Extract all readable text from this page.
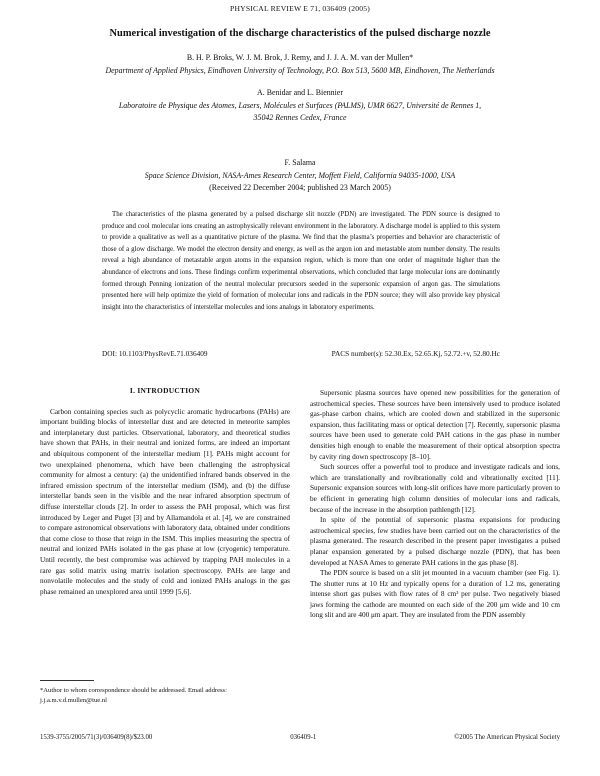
PHYSICAL REVIEW E 71, 036409 (2005)
Numerical investigation of the discharge characteristics of the pulsed discharge nozzle
B. H. P. Broks, W. J. M. Brok, J. Remy, and J. J. A. M. van der Mullen*
Department of Applied Physics, Eindhoven University of Technology, P.O. Box 513, 5600 MB, Eindhoven, The Netherlands
A. Benidar and L. Biennier
Laboratoire de Physique des Atomes, Lasers, Molécules et Surfaces (PALMS), UMR 6627, Université de Rennes 1,
35042 Rennes Cedex, France
F. Salama
Space Science Division, NASA-Ames Research Center, Moffett Field, California 94035-1000, USA
(Received 22 December 2004; published 23 March 2005)
The characteristics of the plasma generated by a pulsed discharge slit nozzle (PDN) are investigated. The PDN source is designed to produce and cool molecular ions creating an astrophysically relevant environment in the laboratory. A discharge model is applied to this system to provide a qualitative as well as a quantitative picture of the plasma. We find that the plasma’s properties and behavior are characteristic of those of a glow discharge. We model the electron density and energy, as well as the argon ion and metastable atom number density. The results reveal a high abundance of metastable argon atoms in the expansion region, which is more than one order of magnitude higher than the abundance of electrons and ions. These findings confirm experimental observations, which concluded that large molecular ions are dominantly formed through Penning ionization of the neutral molecular precursors seeded in the supersonic expansion of argon gas. The simulations presented here will help optimize the yield of formation of molecular ions and radicals in the PDN source; they will also provide key physical insight into the characteristics of interstellar molecules and ions analogs in laboratory experiments.
DOI: 10.1103/PhysRevE.71.036409	PACS number(s): 52.30.Ex, 52.65.Kj, 52.72.+v, 52.80.Hc
I. INTRODUCTION

Carbon containing species such as polycyclic aromatic hydrocarbons (PAHs) are important building blocks of interstellar dust and are detected in meteorite samples and interplanetary dust particles. Observational, laboratory, and theoretical studies have shown that PAHs, in their neutral and ionized forms, are indeed an important and ubiquitous component of the interstellar medium [1]. PAHs might account for two unexplained phenomena, which have been challenging the astrophysical community for almost a century: (a) the unidentified infrared bands observed in the infrared emission spectrum of the interstellar medium (ISM), and (b) the diffuse interstellar bands seen in the visible and the near infrared absorption spectrum of diffuse interstellar clouds [2]. In order to assess the PAH proposal, which was first introduced by Leger and Puget [3] and by Allamandola et al. [4], we are constrained to compare astronomical observations with laboratory data, obtained under conditions that come close to those that reign in the ISM. This implies measuring the spectra of neutral and ionized PAHs isolated in the gas phase at low (cryogenic) temperature. Until recently, the best compromise was achieved by trapping PAH molecules in a rare gas solid matrix using matrix isolation spectroscopy. PAHs are large and nonvolatile molecules and the study of cold and ionized PAHs analogs in the gas phase remained an unexplored area until 1999 [5,6].

Supersonic plasma sources have opened new possibilities for the generation of astrochemical species. These sources have been intensively used to produce isolated gas-phase carbon chains, which are cooled down and stabilized in the supersonic expansion, thus facilitating mass or optical detection [7]. Recently, supersonic plasma sources have been used to generate cold PAH cations in the gas phase in number densities high enough to enable the measurement of their optical absorption spectra by cavity ring down spectroscopy [8–10].

Such sources offer a powerful tool to produce and investigate radicals and ions, which are translationally and rovibrationally cold and vibrationally excited [11]. Supersonic expansion sources with long-slit orifices have more particularly proven to be efficient in generating high column densities of molecular ions and radicals, because of the increase in the absorption pathlength [12].

In spite of the potential of supersonic plasma expansions for producing astrochemical species, few studies have been carried out on the characteristics of the plasma generated. The research described in the present paper investigates a pulsed planar expansion generated by a pulsed discharge nozzle (PDN), that has been developed at NASA Ames to generate PAH cations in the gas phase [8].

The PDN source is based on a slit jet mounted in a vacuum chamber (see Fig. 1). The shutter runs at 10 Hz and typically opens for a duration of 1.2 ms, generating intense short gas pulses with flow rates of 8 cm³ per pulse. Two negatively biased jaws forming the cathode are mounted on each side of the 200 μm wide and 10 cm long slit and are 400 μm apart. They are insulated from the PDN assembly

*Author to whom correspondence should be addressed. Email address: j.j.a.m.v.d.mullen@tue.nl
1539-3755/2005/71(3)/036409(8)/$23.00	036409-1	©2005 The American Physical Society
